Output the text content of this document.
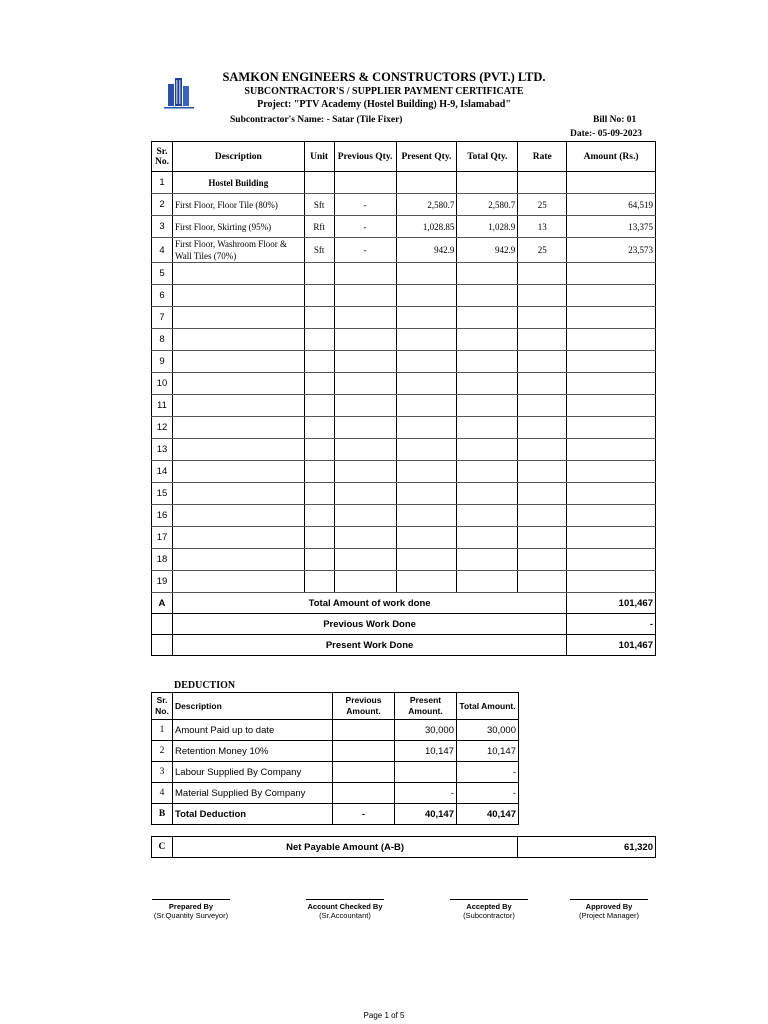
SAMKON ENGINEERS & CONSTRUCTORS (PVT.) LTD.
SUBCONTRACTOR'S / SUPPLIER PAYMENT CERTIFICATE
Project: "PTV Academy (Hostel Building) H-9, Islamabad"
Subcontractor's Name: - Satar (Tile Fixer)	Bill No: 01
Date:- 05-09-2023
Sr. No.	Description	Unit	Previous Qty.	Present Qty.	Total Qty.	Rate	Amount (Rs.)
1	Hostel Building						
2	First Floor, Floor Tile (80%)	Sft	-	2,580.7	2,580.7	25	64,519
3	First Floor, Skirting (95%)	Rft	-	1,028.85	1,028.9	13	13,375
4	First Floor, Washroom Floor & Wall Tiles (70%)	Sft	-	942.9	942.9	25	23,573
5							
6							
7							
8							
9							
10							
11							
12							
13							
14							
15							
16							
17							
18							
19							
A	Total Amount of work done						101,467
	Previous Work Done						-
	Present Work Done						101,467
DEDUCTION
Sr. No.	Description	Previous Amount.	Present Amount.	Total Amount.
1	Amount Paid up to date		30,000	30,000
2	Retention Money 10%		10,147	10,147
3	Labour Supplied By Company			-
4	Material Supplied By Company		-	-
B	Total Deduction	-	40,147	40,147
C	Net Payable Amount (A-B)	61,320
Prepared By
(Sr.Quantity Surveyor)
Account Checked By
(Sr.Accountant)
Accepted By
(Subcontractor)
Approved By
(Project Manager)
Page 1 of 5
